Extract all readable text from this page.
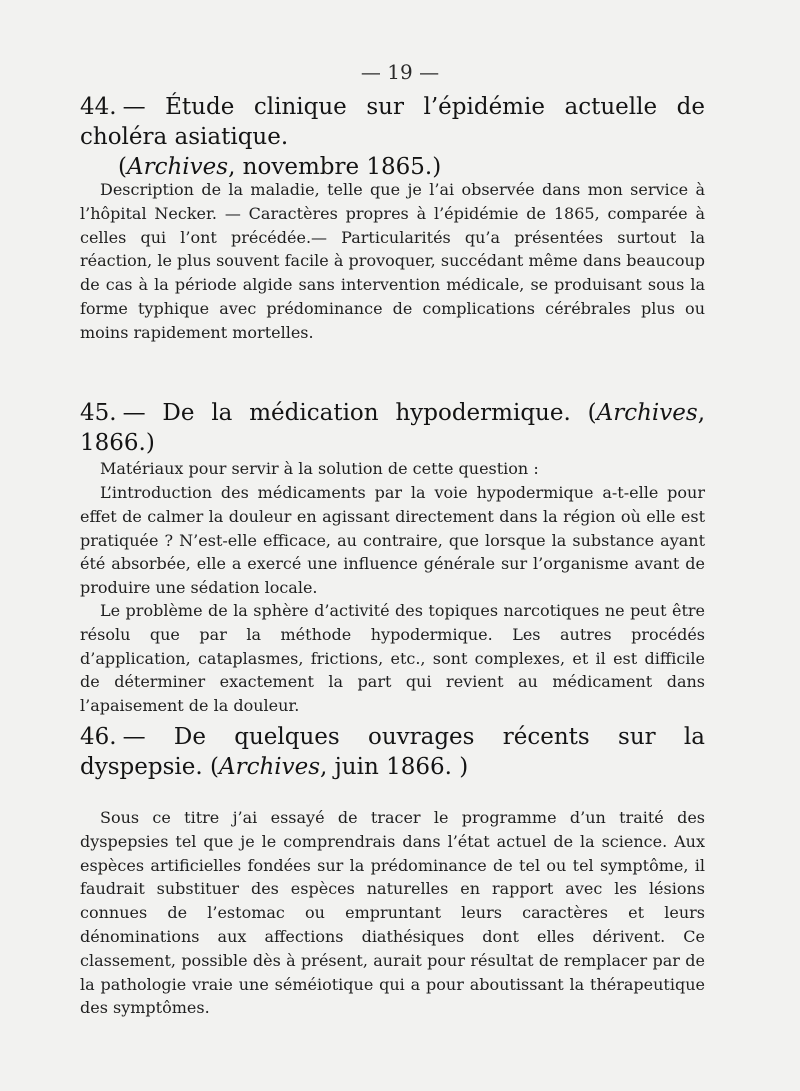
— 19 —
44. — Étude clinique sur l’épidémie actuelle de choléra asiatique.
(Archives, novembre 1865.)

Description de la maladie, telle que je l’ai observée dans mon service à l’hôpital Necker. — Caractères propres à l’épidémie de 1865, comparée à celles qui l’ont précédée.— Particularités qu’a présentées surtout la réaction, le plus souvent facile à provoquer, succédant même dans beaucoup de cas à la période algide sans intervention médicale, se produisant sous la forme typhique avec prédominance de complications cérébrales plus ou moins rapidement mortelles.

45. — De la médication hypodermique. (Archives, 1866.)

Matériaux pour servir à la solution de cette question :

L’introduction des médicaments par la voie hypodermique a-t-elle pour effet de calmer la douleur en agissant directement dans la région où elle est pratiquée ? N’est-elle efficace, au contraire, que lorsque la substance ayant été absorbée, elle a exercé une influence générale sur l’organisme avant de produire une sédation locale.

Le problème de la sphère d’activité des topiques narcotiques ne peut être résolu que par la méthode hypodermique. Les autres procédés d’application, cataplasmes, frictions, etc., sont complexes, et il est difficile de déterminer exactement la part qui revient au médicament dans l’apaisement de la douleur.

46. — De quelques ouvrages récents sur la dyspepsie. (Archives, juin 1866. )

Sous ce titre j’ai essayé de tracer le programme d’un traité des dyspepsies tel que je le comprendrais dans l’état actuel de la science. Aux espèces artificielles fondées sur la prédominance de tel ou tel symptôme, il faudrait substituer des espèces naturelles en rapport avec les lésions connues de l’estomac ou empruntant leurs caractères et leurs dénominations aux affections diathésiques dont elles dérivent. Ce classement, possible dès à présent, aurait pour résultat de remplacer par de la pathologie vraie une séméiotique qui a pour aboutissant la thérapeutique des symptômes.
